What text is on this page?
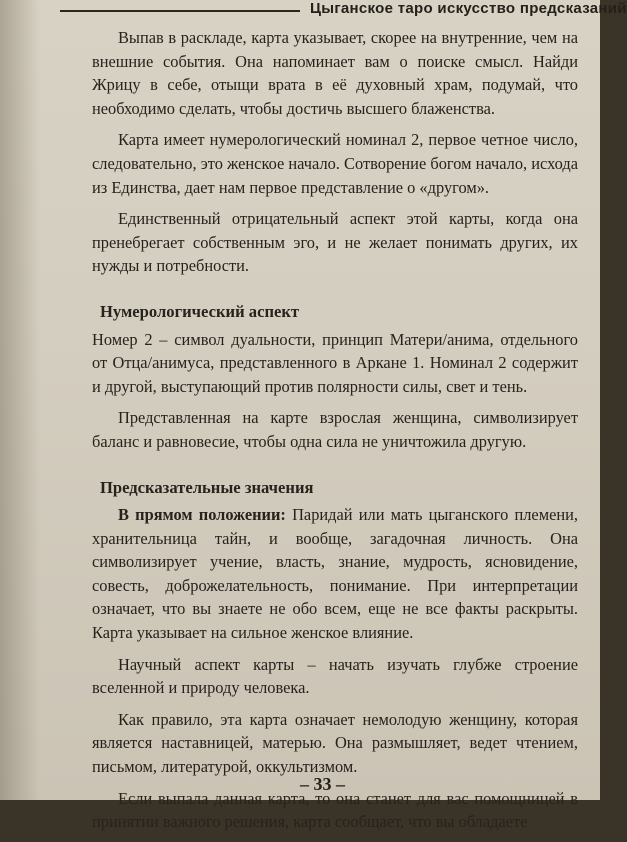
Цыганское таро искусство предсказаний

Выпав в раскладе, карта указывает, скорее на внутренние, чем на внешние события. Она напоминает вам о поиске смысл. Найди Жрицу в себе, отыщи врата в её духовный храм, подумай, что необходимо сделать, чтобы достичь высшего блаженства.

Карта имеет нумерологический номинал 2, первое четное число, следовательно, это женское начало. Сотворение богом начало, исхода из Единства, дает нам первое представление о «другом».

Единственный отрицательный аспект этой карты, когда она пренебрегает собственным эго, и не желает понимать других, их нужды и потребности.

Нумерологический аспект

Номер 2 – символ дуальности, принцип Матери/анима, отдельного от Отца/анимуса, представленного в Аркане 1. Номинал 2 содержит и другой, выступающий против полярности силы, свет и тень.

Представленная на карте взрослая женщина, символизирует баланс и равновесие, чтобы одна сила не уничтожила другую.

Предсказательные значения

В прямом положении: Паридай или мать цыганского племени, хранительница тайн, и вообще, загадочная личность. Она символизирует учение, власть, знание, мудрость, ясновидение, совесть, доброжелательность, понимание. При интерпретации означает, что вы знаете не обо всем, еще не все факты раскрыты. Карта указывает на сильное женское влияние.

Научный аспект карты – начать изучать глубже строение вселенной и природу человека.

Как правило, эта карта означает немолодую женщину, которая является наставницей, матерью. Она размышляет, ведет чтением, письмом, литературой, оккультизмом.

Если выпала данная карта, то она станет для вас помощницей в принятии важного решения, карта сообщает, что вы обладаете

– 33 –
